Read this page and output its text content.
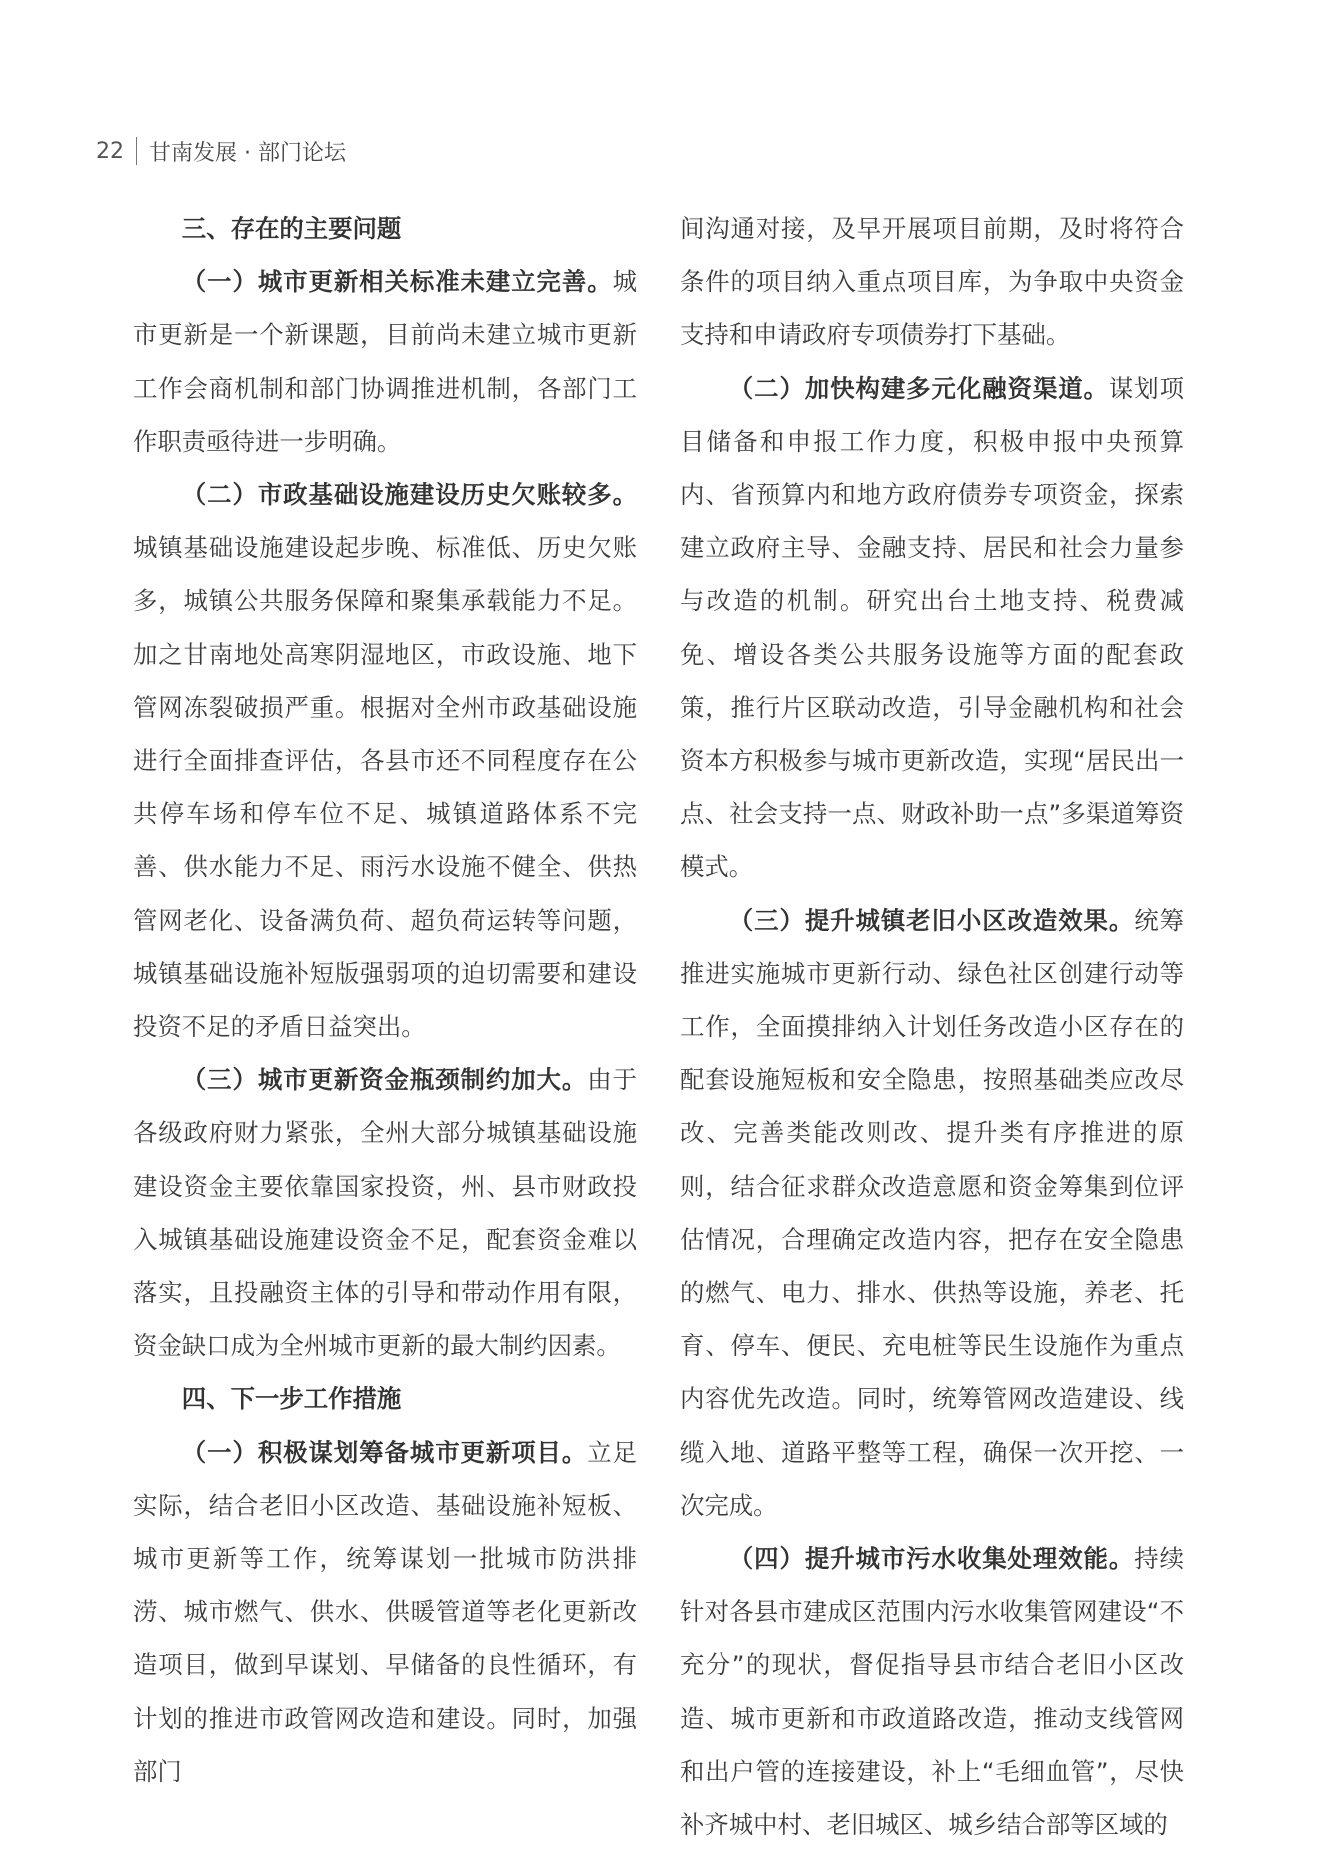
22 甘南发展 · 部门论坛

三、存在的主要问题

（一）城市更新相关标准未建立完善。城市更新是一个新课题，目前尚未建立城市更新工作会商机制和部门协调推进机制，各部门工作职责亟待进一步明确。

（二）市政基础设施建设历史欠账较多。城镇基础设施建设起步晚、标准低、历史欠账多，城镇公共服务保障和聚集承载能力不足。加之甘南地处高寒阴湿地区，市政设施、地下管网冻裂破损严重。根据对全州市政基础设施进行全面排查评估，各县市还不同程度存在公共停车场和停车位不足、城镇道路体系不完善、供水能力不足、雨污水设施不健全、供热管网老化、设备满负荷、超负荷运转等问题，城镇基础设施补短版强弱项的迫切需要和建设投资不足的矛盾日益突出。

（三）城市更新资金瓶颈制约加大。由于各级政府财力紧张，全州大部分城镇基础设施建设资金主要依靠国家投资，州、县市财政投入城镇基础设施建设资金不足，配套资金难以落实，且投融资主体的引导和带动作用有限，资金缺口成为全州城市更新的最大制约因素。

四、下一步工作措施

（一）积极谋划筹备城市更新项目。立足实际，结合老旧小区改造、基础设施补短板、城市更新等工作，统筹谋划一批城市防洪排涝、城市燃气、供水、供暖管道等老化更新改造项目，做到早谋划、早储备的良性循环，有计划的推进市政管网改造和建设。同时，加强部门

间沟通对接，及早开展项目前期，及时将符合条件的项目纳入重点项目库，为争取中央资金支持和申请政府专项债券打下基础。

（二）加快构建多元化融资渠道。谋划项目储备和申报工作力度，积极申报中央预算内、省预算内和地方政府债券专项资金，探索建立政府主导、金融支持、居民和社会力量参与改造的机制。研究出台土地支持、税费减免、增设各类公共服务设施等方面的配套政策，推行片区联动改造，引导金融机构和社会资本方积极参与城市更新改造，实现“居民出一点、社会支持一点、财政补助一点”多渠道筹资模式。

（三）提升城镇老旧小区改造效果。统筹推进实施城市更新行动、绿色社区创建行动等工作，全面摸排纳入计划任务改造小区存在的配套设施短板和安全隐患，按照基础类应改尽改、完善类能改则改、提升类有序推进的原则，结合征求群众改造意愿和资金筹集到位评估情况，合理确定改造内容，把存在安全隐患的燃气、电力、排水、供热等设施，养老、托育、停车、便民、充电桩等民生设施作为重点内容优先改造。同时，统筹管网改造建设、线缆入地、道路平整等工程，确保一次开挖、一次完成。

（四）提升城市污水收集处理效能。持续针对各县市建成区范围内污水收集管网建设“不充分”的现状，督促指导县市结合老旧小区改造、城市更新和市政道路改造，推动支线管网和出户管的连接建设，补上“毛细血管”，尽快补齐城中村、老旧城区、城乡结合部等区域的
